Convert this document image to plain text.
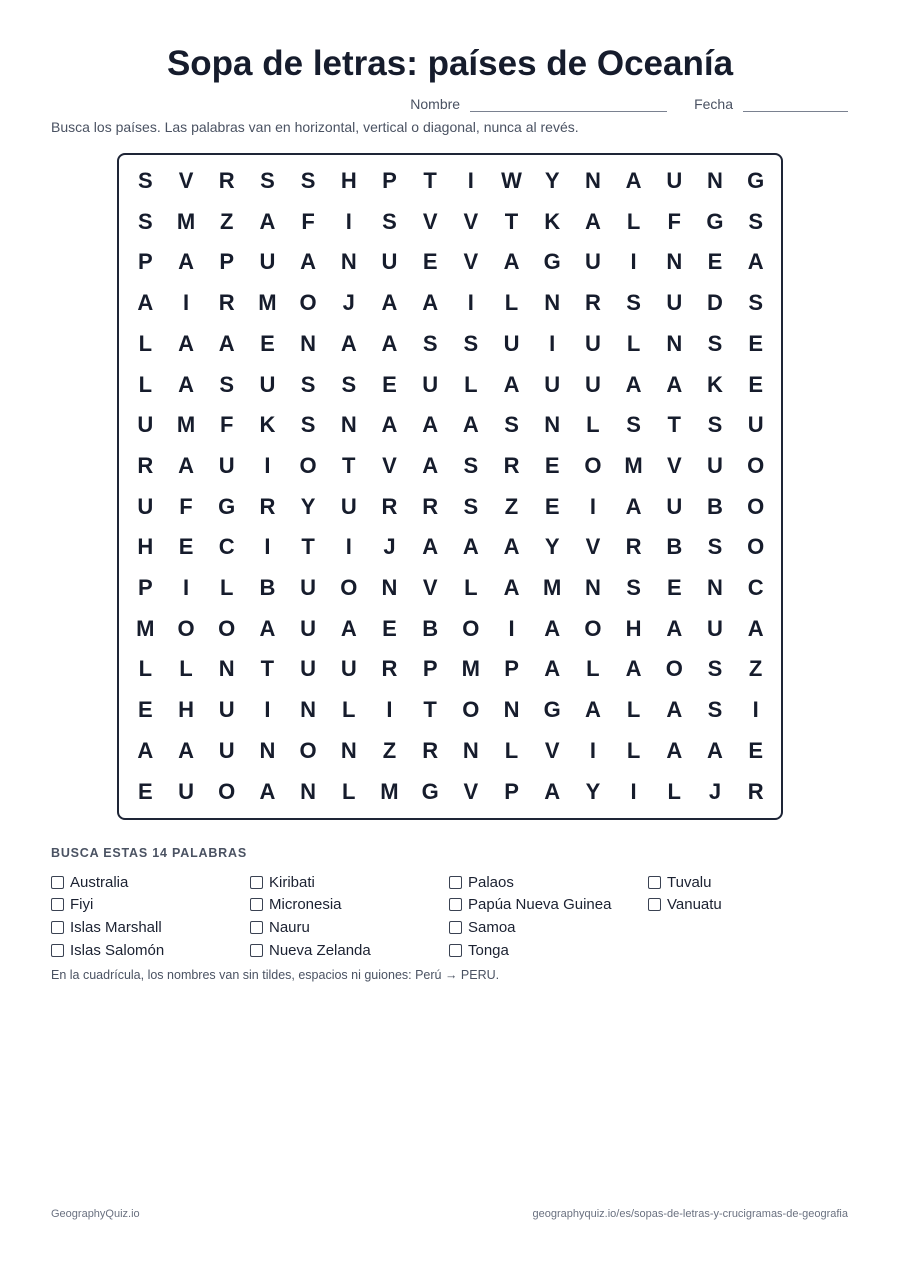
Sopa de letras: países de Oceanía
Nombre	Fecha
Busca los países. Las palabras van en horizontal, vertical o diagonal, nunca al revés.
S	V	R	S	S	H	P	T	I	W	Y	N	A	U	N	G
S	M	Z	A	F	I	S	V	V	T	K	A	L	F	G	S
P	A	P	U	A	N	U	E	V	A	G	U	I	N	E	A
A	I	R	M	O	J	A	A	I	L	N	R	S	U	D	S
L	A	A	E	N	A	A	S	S	U	I	U	L	N	S	E
L	A	S	U	S	S	E	U	L	A	U	U	A	A	K	E
U	M	F	K	S	N	A	A	A	S	N	L	S	T	S	U
R	A	U	I	O	T	V	A	S	R	E	O	M	V	U	O
U	F	G	R	Y	U	R	R	S	Z	E	I	A	U	B	O
H	E	C	I	T	I	J	A	A	A	Y	V	R	B	S	O
P	I	L	B	U	O	N	V	L	A	M	N	S	E	N	C
M	O	O	A	U	A	E	B	O	I	A	O	H	A	U	A
L	L	N	T	U	U	R	P	M	P	A	L	A	O	S	Z
E	H	U	I	N	L	I	T	O	N	G	A	L	A	S	I
A	A	U	N	O	N	Z	R	N	L	V	I	L	A	A	E
E	U	O	A	N	L	M	G	V	P	A	Y	I	L	J	R
BUSCA ESTAS 14 PALABRAS
Australia
Fiyi
Islas Marshall
Islas Salomón
Kiribati
Micronesia
Nauru
Nueva Zelanda
Palaos
Papúa Nueva Guinea
Samoa
Tonga
Tuvalu
Vanuatu
En la cuadrícula, los nombres van sin tildes, espacios ni guiones: Perú → PERU.
GeographyQuiz.io	geographyquiz.io/es/sopas-de-letras-y-crucigramas-de-geografia
